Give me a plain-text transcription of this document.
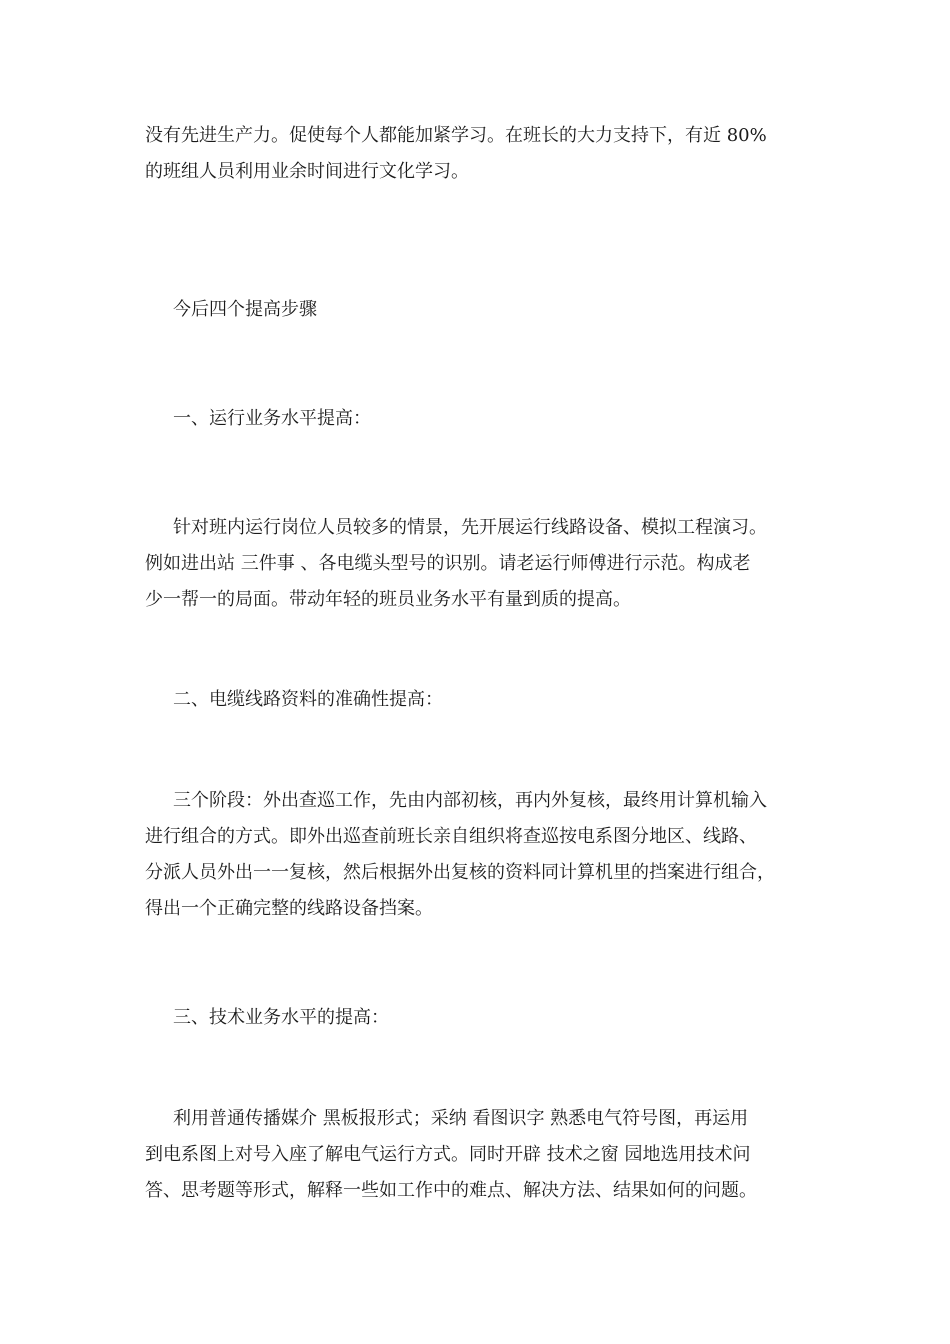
没有先进生产力。促使每个人都能加紧学习。在班长的大力支持下，有近 80%
的班组人员利用业余时间进行文化学习。
今后四个提高步骤
一、运行业务水平提高：
针对班内运行岗位人员较多的情景，先开展运行线路设备、模拟工程演习。
例如进出站 三件事 、各电缆头型号的识别。请老运行师傅进行示范。构成老
少一帮一的局面。带动年轻的班员业务水平有量到质的提高。
二、电缆线路资料的准确性提高：
三个阶段：外出查巡工作，先由内部初核，再内外复核，最终用计算机输入
进行组合的方式。即外出巡查前班长亲自组织将查巡按电系图分地区、线路、
分派人员外出一一复核，然后根据外出复核的资料同计算机里的挡案进行组合，
得出一个正确完整的线路设备挡案。
三、技术业务水平的提高：
利用普通传播媒介 黑板报形式；采纳 看图识字 熟悉电气符号图，再运用
到电系图上对号入座了解电气运行方式。同时开辟 技术之窗 园地选用技术问
答、思考题等形式，解释一些如工作中的难点、解决方法、结果如何的问题。
